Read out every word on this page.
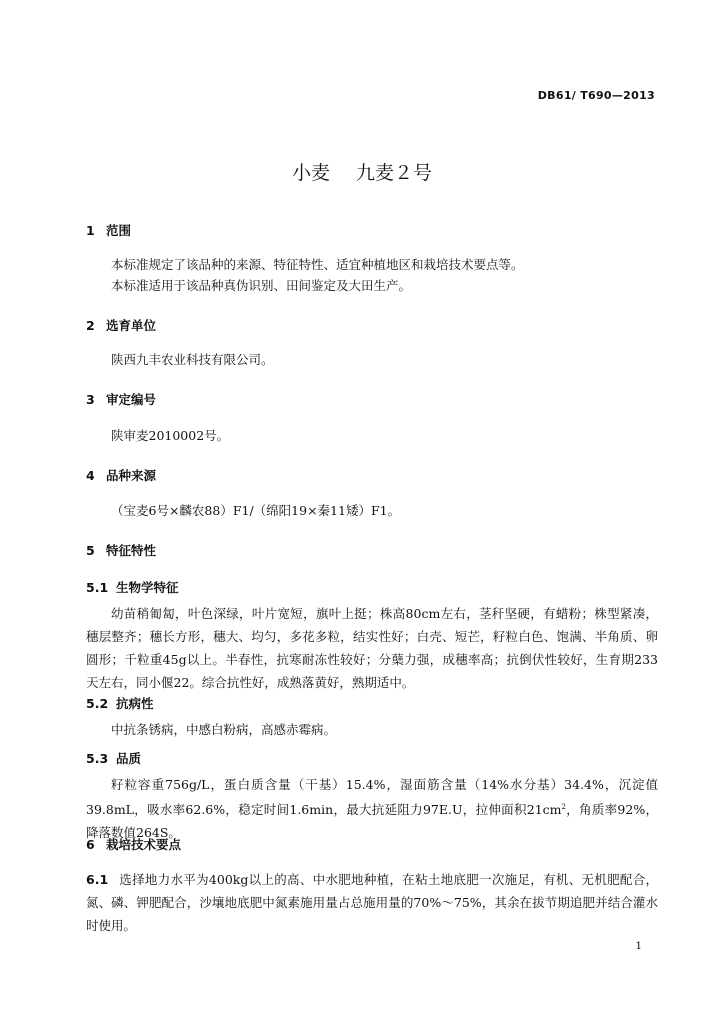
DB61/ T690—2013
小麦 九麦２号
1 范围
本标准规定了该品种的来源、特征特性、适宜种植地区和栽培技术要点等。
本标准适用于该品种真伪识别、田间鉴定及大田生产。
2 选育单位
陕西九丰农业科技有限公司。
3 审定编号
陕审麦2010002号。
4 品种来源
（宝麦6号×麟农88）F1/（绵阳19×秦11矮）F1。
5 特征特性
5.1 生物学特征
幼苗稍匍匐，叶色深绿，叶片宽短，旗叶上挺；株高80cm左右，茎秆坚硬，有蜡粉；株型紧凑，穗层整齐；穗长方形，穗大、均匀，多花多粒，结实性好；白壳、短芒，籽粒白色、饱满、半角质、卵圆形；千粒重45g以上。半春性，抗寒耐冻性较好；分蘖力强，成穗率高；抗倒伏性较好，生育期233天左右，同小偃22。综合抗性好，成熟落黄好，熟期适中。
5.2 抗病性
中抗条锈病，中感白粉病，高感赤霉病。
5.3 品质
籽粒容重756g/L，蛋白质含量（干基）15.4%，湿面筋含量（14%水分基）34.4%，沉淀值39.8mL，吸水率62.6%，稳定时间1.6min，最大抗延阻力97E.U，拉伸面积$21cm^2$，角质率92%，降落数值264S。
6 栽培技术要点
6.1 选择地力水平为400kg以上的高、中水肥地种植，在粘土地底肥一次施足，有机、无机肥配合，氮、磷、钾肥配合，沙壤地底肥中氮素施用量占总施用量的70%～75%，其余在拔节期追肥并结合灌水时使用。
1
